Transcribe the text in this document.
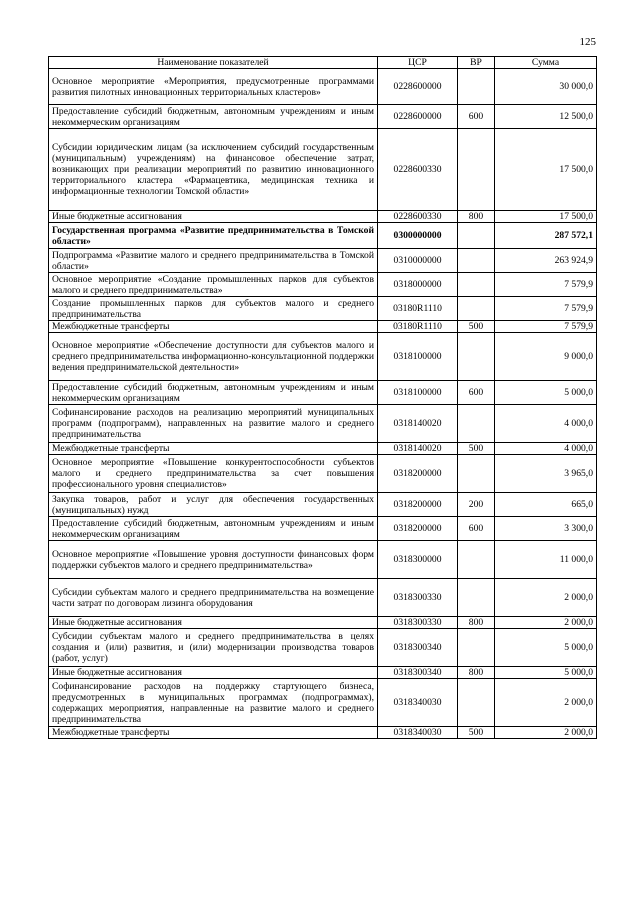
125
Наименование показателей	ЦСР	ВР	Сумма
Основное мероприятие «Мероприятия, предусмотренные программами развития пилотных инновационных территориальных кластеров»	0228600000		30 000,0
Предоставление субсидий бюджетным, автономным учреждениям и иным некоммерческим организациям	0228600000	600	12 500,0
Субсидии юридическим лицам (за исключением субсидий государственным (муниципальным) учреждениям) на финансовое обеспечение затрат, возникающих при реализации мероприятий по развитию инновационного территориального кластера «Фармацевтика, медицинская техника и информационные технологии Томской области»	0228600330		17 500,0
Иные бюджетные ассигнования	0228600330	800	17 500,0
Государственная программа «Развитие предпринимательства в Томской области»	0300000000		287 572,1
Подпрограмма «Развитие малого и среднего предпринимательства в Томской области»	0310000000		263 924,9
Основное мероприятие «Создание промышленных парков для субъектов малого и среднего предпринимательства»	0318000000		7 579,9
Создание промышленных парков для субъектов малого и среднего предпринимательства	03180R1110		7 579,9
Межбюджетные трансферты	03180R1110	500	7 579,9
Основное мероприятие «Обеспечение доступности для субъектов малого и среднего предпринимательства информационно-консультационной поддержки ведения предпринимательской деятельности»	0318100000		9 000,0
Предоставление субсидий бюджетным, автономным учреждениям и иным некоммерческим организациям	0318100000	600	5 000,0
Софинансирование расходов на реализацию мероприятий муниципальных программ (подпрограмм), направленных на развитие малого и среднего предпринимательства	0318140020		4 000,0
Межбюджетные трансферты	0318140020	500	4 000,0
Основное мероприятие «Повышение конкурентоспособности субъектов малого и среднего предпринимательства за счет повышения профессионального уровня специалистов»	0318200000		3 965,0
Закупка товаров, работ и услуг для обеспечения государственных (муниципальных) нужд	0318200000	200	665,0
Предоставление субсидий бюджетным, автономным учреждениям и иным некоммерческим организациям	0318200000	600	3 300,0
Основное мероприятие «Повышение уровня доступности финансовых форм поддержки субъектов малого и среднего предпринимательства»	0318300000		11 000,0
Субсидии субъектам малого и среднего предпринимательства на возмещение части затрат по договорам лизинга оборудования	0318300330		2 000,0
Иные бюджетные ассигнования	0318300330	800	2 000,0
Субсидии субъектам малого и среднего предпринимательства в целях создания и (или) развития, и (или) модернизации производства товаров (работ, услуг)	0318300340		5 000,0
Иные бюджетные ассигнования	0318300340	800	5 000,0
Софинансирование расходов на поддержку стартующего бизнеса, предусмотренных в муниципальных программах (подпрограммах), содержащих мероприятия, направленные на развитие малого и среднего предпринимательства	0318340030		2 000,0
Межбюджетные трансферты	0318340030	500	2 000,0
